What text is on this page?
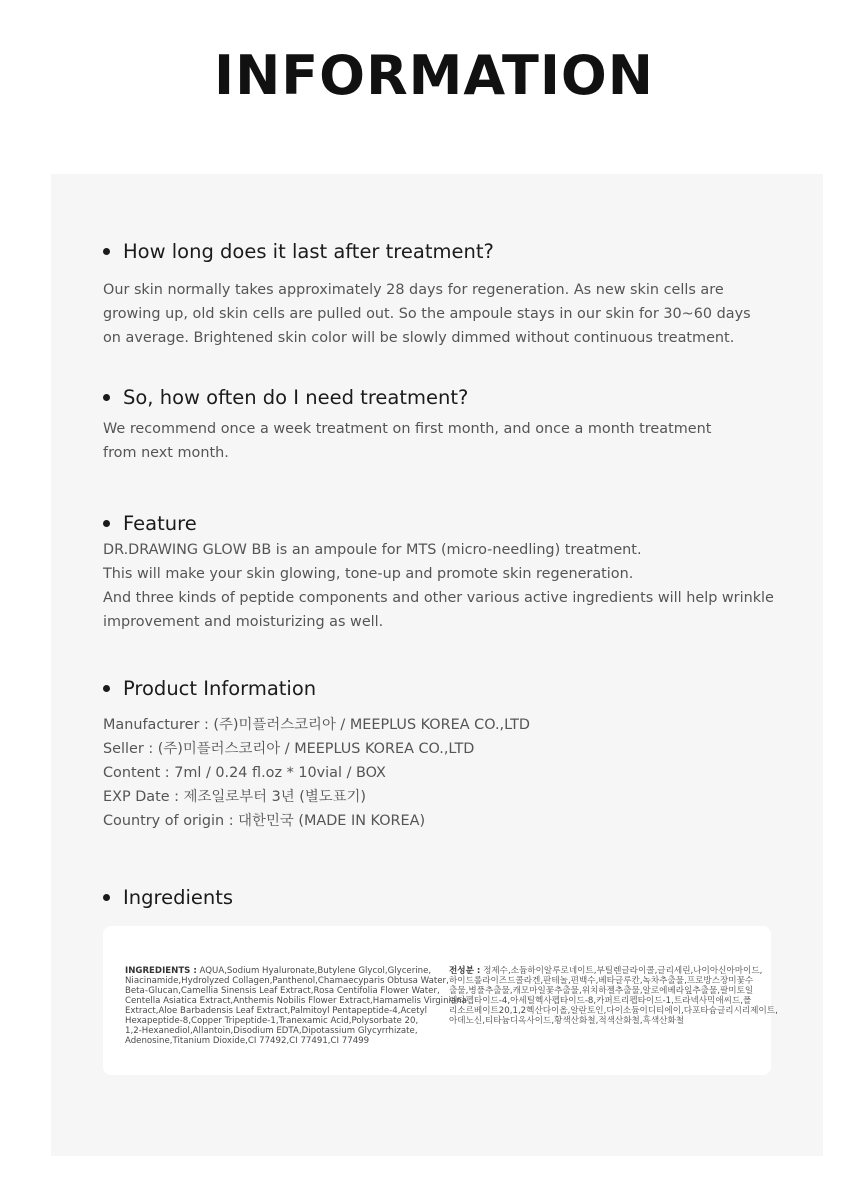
INFORMATION
How long does it last after treatment?

Our skin normally takes approximately 28 days for regeneration. As new skin cells are
growing up, old skin cells are pulled out. So the ampoule stays in our skin for 30~60 days
on average. Brightened skin color will be slowly dimmed without continuous treatment.

So, how often do I need treatment?

We recommend once a week treatment on first month, and once a month treatment
from next month.

Feature

DR.DRAWING GLOW BB is an ampoule for MTS (micro-needling) treatment.
This will make your skin glowing, tone-up and promote skin regeneration.
And three kinds of peptide components and other various active ingredients will help wrinkle
improvement and moisturizing as well.

Product Information

Manufacturer : (주)미플러스코리아 / MEEPLUS KOREA CO.,LTD
Seller : (주)미플러스코리아 / MEEPLUS KOREA CO.,LTD
Content : 7ml / 0.24 fl.oz * 10vial / BOX
EXP Date : 제조일로부터 3년 (별도표기)
Country of origin : 대한민국 (MADE IN KOREA)

Ingredients
INGREDIENTS : AQUA,Sodium Hyaluronate,Butylene Glycol,Glycerine,
Niacinamide,Hydrolyzed Collagen,Panthenol,Chamaecyparis Obtusa Water,
Beta-Glucan,Camellia Sinensis Leaf Extract,Rosa Centifolia Flower Water,
Centella Asiatica Extract,Anthemis Nobilis Flower Extract,Hamamelis Virginiana
Extract,Aloe Barbadensis Leaf Extract,Palmitoyl Pentapeptide-4,Acetyl
Hexapeptide-8,Copper Tripeptide-1,Tranexamic Acid,Polysorbate 20,
1,2-Hexanediol,Allantoin,Disodium EDTA,Dipotassium Glycyrrhizate,
Adenosine,Titanium Dioxide,CI 77492,CI 77491,CI 77499
전성분 : 정제수,소듐하이알루로네이트,부틸렌글라이콜,글리세린,나이아신아마이드,
하이드롤라이즈드콜라겐,판테놀,편백수,베타글루칸,녹차추출물,프로방스장미꽃수
출물,병풀추출물,캐모마일꽃추출물,위치하젤추출물,알로에베라잎추출물,팔미토일
펜타펩타이드-4,아세틸헥사펩타이드-8,카퍼트리펩타이드-1,트라넥사믹애씨드,폴
리소르베이트20,1,2헥산다이올,알란토인,다이소듐이디티에이,다포타슘글리시리제이트,
아데노신,티타늄디옥사이드,황색산화철,적색산화철,흑색산화철
